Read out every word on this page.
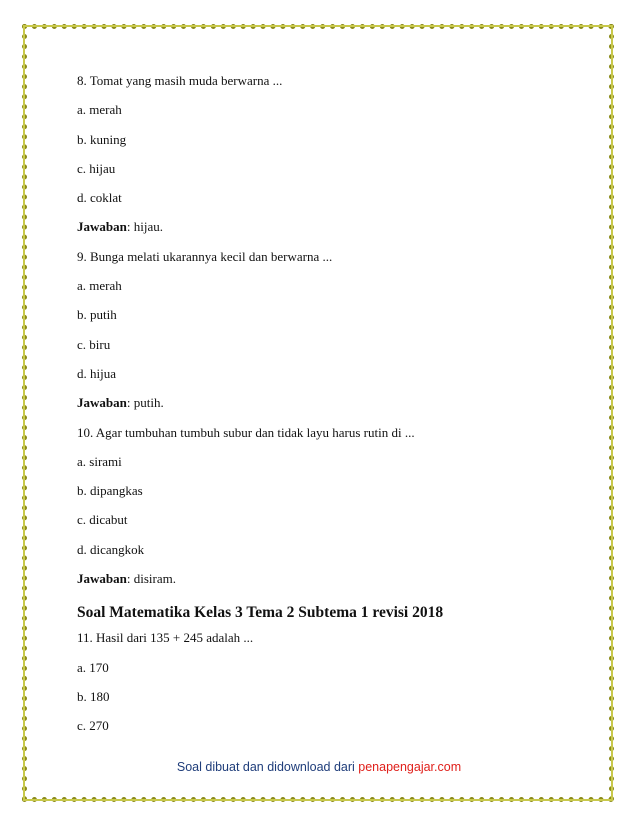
8. Tomat yang masih muda berwarna ...
a. merah
b. kuning
c. hijau
d. coklat
Jawaban: hijau.
9. Bunga melati ukarannya kecil dan berwarna ...
a. merah
b. putih
c. biru
d. hijua
Jawaban: putih.
10. Agar tumbuhan tumbuh subur dan tidak layu harus rutin di ...
a. sirami
b. dipangkas
c. dicabut
d. dicangkok
Jawaban: disiram.
Soal Matematika Kelas 3 Tema 2 Subtema 1 revisi 2018
11. Hasil dari 135 + 245 adalah ...
a. 170
b. 180
c. 270
Soal dibuat dan didownload dari penapengajar.com
